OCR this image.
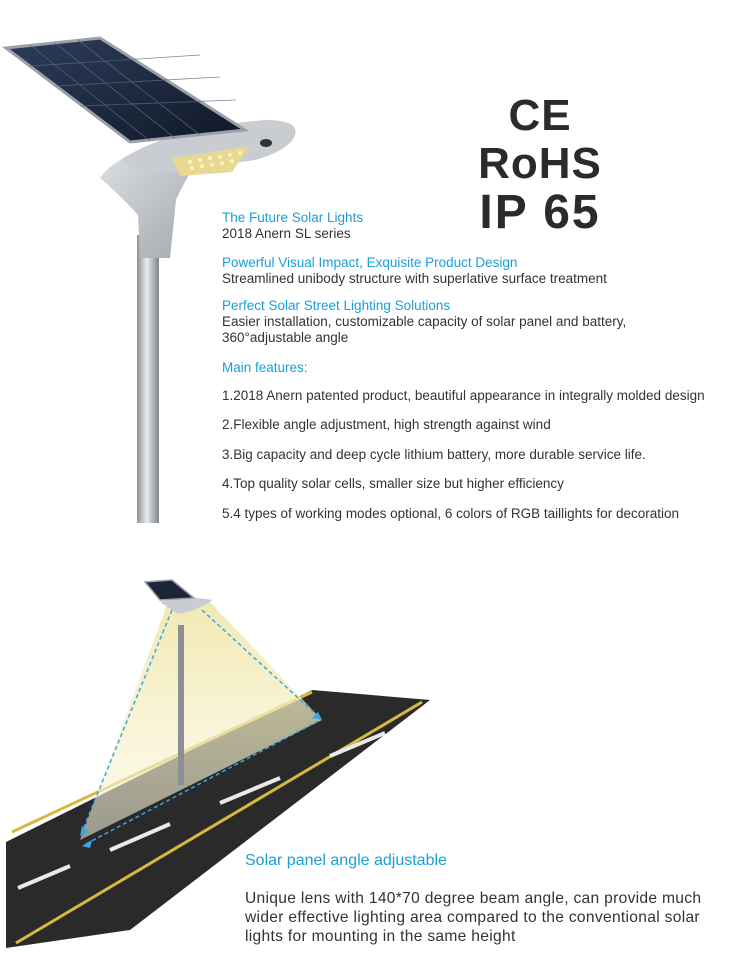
CE RoHS
IP 65
The Future Solar Lights
2018 Anern SL series
Powerful Visual Impact, Exquisite Product Design
Streamlined unibody structure with superlative surface treatment
Perfect Solar Street Lighting Solutions
Easier installation, customizable capacity of solar panel and battery,
360°adjustable angle
Main features:
1.2018 Anern patented product, beautiful appearance in integrally molded design
2.Flexible angle adjustment, high strength against wind
3.Big capacity and deep cycle lithium battery, more durable service life.
4.Top quality solar cells, smaller size but higher efficiency
5.4 types of working modes optional, 6 colors of RGB taillights for decoration
Solar panel angle adjustable
Unique lens with 140*70 degree beam angle, can provide much wider effective lighting area compared to the conventional solar lights for mounting in the same height
